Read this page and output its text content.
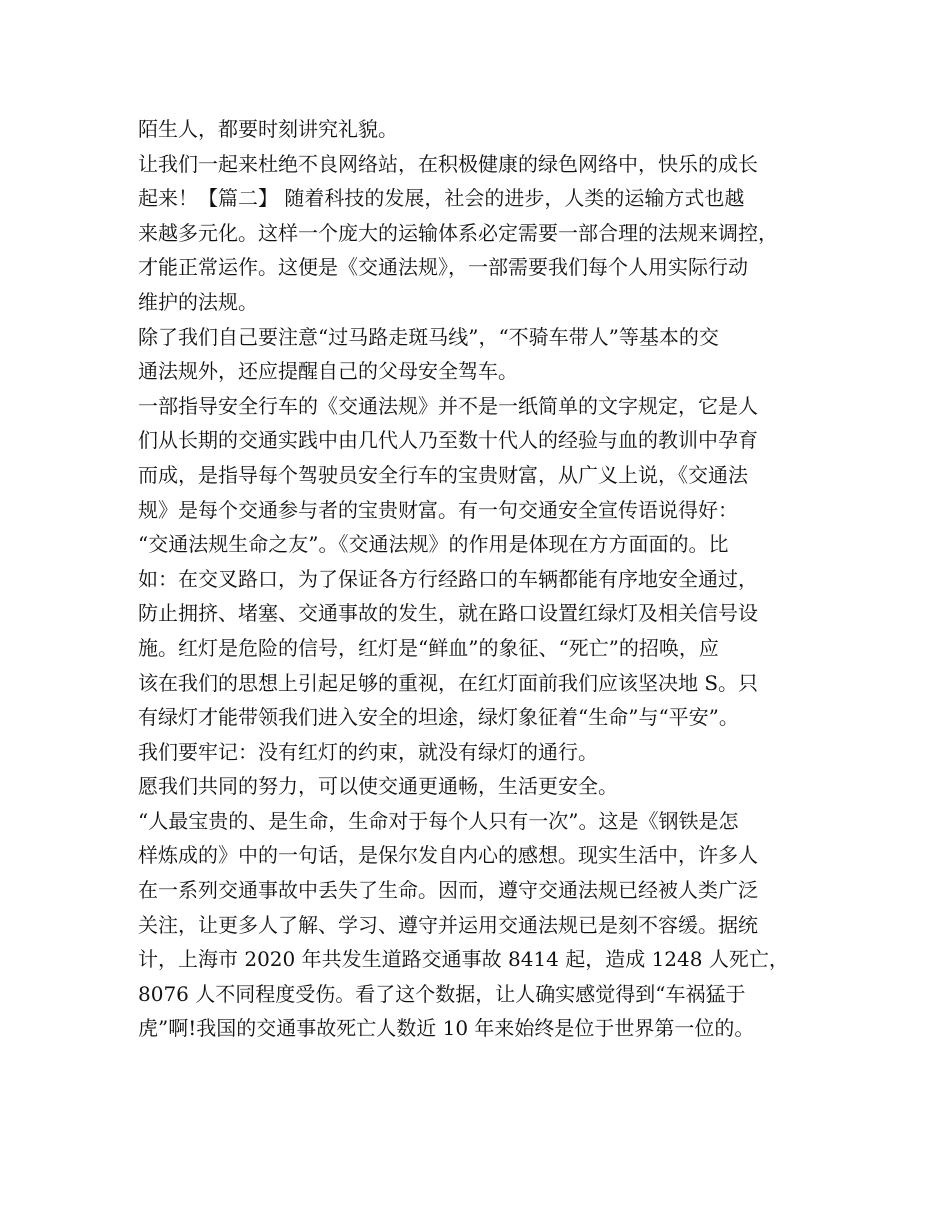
陌生人，都要时刻讲究礼貌。
让我们一起来杜绝不良网络站，在积极健康的绿色网络中，快乐的成长
起来！【篇二】 随着科技的发展，社会的进步，人类的运输方式也越
来越多元化。这样一个庞大的运输体系必定需要一部合理的法规来调控，
才能正常运作。这便是《交通法规》，一部需要我们每个人用实际行动
维护的法规。
除了我们自己要注意“过马路走斑马线”，“不骑车带人”等基本的交
通法规外，还应提醒自己的父母安全驾车。
一部指导安全行车的《交通法规》并不是一纸简单的文字规定，它是人
们从长期的交通实践中由几代人乃至数十代人的经验与血的教训中孕育
而成，是指导每个驾驶员安全行车的宝贵财富，从广义上说，《交通法
规》是每个交通参与者的宝贵财富。有一句交通安全宣传语说得好：
“交通法规生命之友”。《交通法规》的作用是体现在方方面面的。比
如：在交叉路口，为了保证各方行经路口的车辆都能有序地安全通过，
防止拥挤、堵塞、交通事故的发生，就在路口设置红绿灯及相关信号设
施。红灯是危险的信号，红灯是“鲜血”的象征、“死亡”的招唤，应
该在我们的思想上引起足够的重视，在红灯面前我们应该坚决地 S。只
有绿灯才能带领我们进入安全的坦途，绿灯象征着“生命”与“平安”。
我们要牢记：没有红灯的约束，就没有绿灯的通行。
愿我们共同的努力，可以使交通更通畅，生活更安全。
“人最宝贵的、是生命，生命对于每个人只有一次”。这是《钢铁是怎
样炼成的》中的一句话，是保尔发自内心的感想。现实生活中，许多人
在一系列交通事故中丢失了生命。因而，遵守交通法规已经被人类广泛
关注，让更多人了解、学习、遵守并运用交通法规已是刻不容缓。据统
计，上海市 2020 年共发生道路交通事故 8414 起，造成 1248 人死亡，
8076 人不同程度受伤。看了这个数据，让人确实感觉得到“车祸猛于
虎”啊!我国的交通事故死亡人数近 10 年来始终是位于世界第一位的。
